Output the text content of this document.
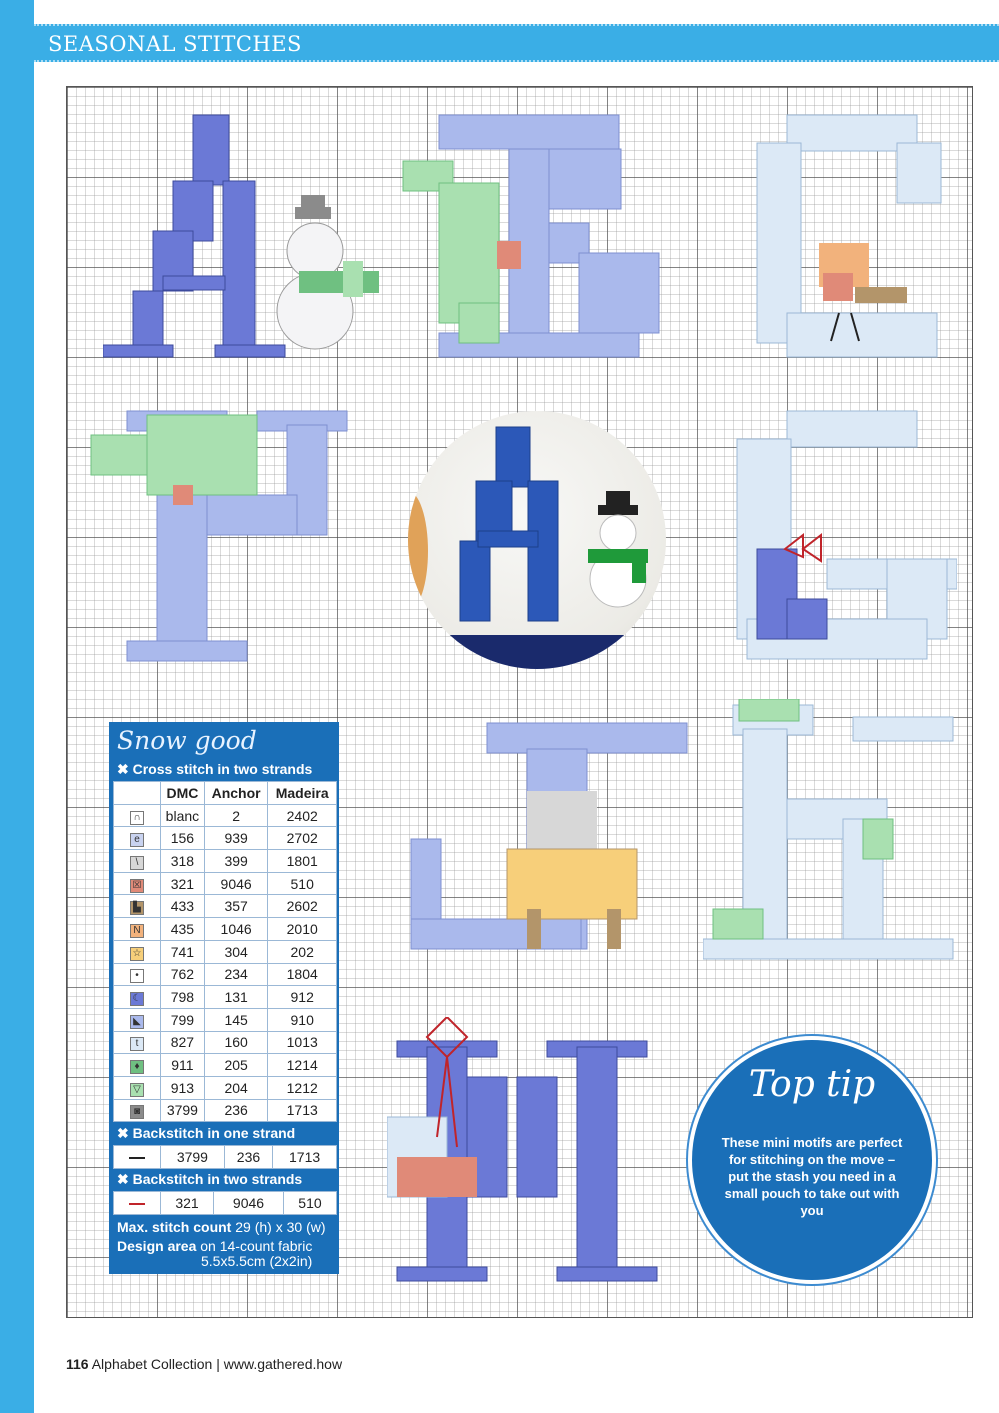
SEASONAL STITCHES
Snow good
✖ Cross stitch in two strands
	DMC	Anchor	Madeira
∩	blanc	2	2402
e	156	939	2702
\	318	399	1801
☒	321	9046	510
▙	433	357	2602
N	435	1046	2010
☆	741	304	202
•	762	234	1804
☾	798	131	912
◣	799	145	910
t	827	160	1013
♦	911	205	1214
▽	913	204	1212
◙	3799	236	1713
✖ Backstitch in one strand
	3799	236	1713
✖ Backstitch in two strands
	321	9046	510
Max. stitch count 29 (h) x 30 (w)
Design area on 14-count fabric
5.5x5.5cm (2x2in)
Top tip
These mini motifs are perfect for stitching on the move – put the stash you need in a small pouch to take out with you
116 Alphabet Collection | www.gathered.how
